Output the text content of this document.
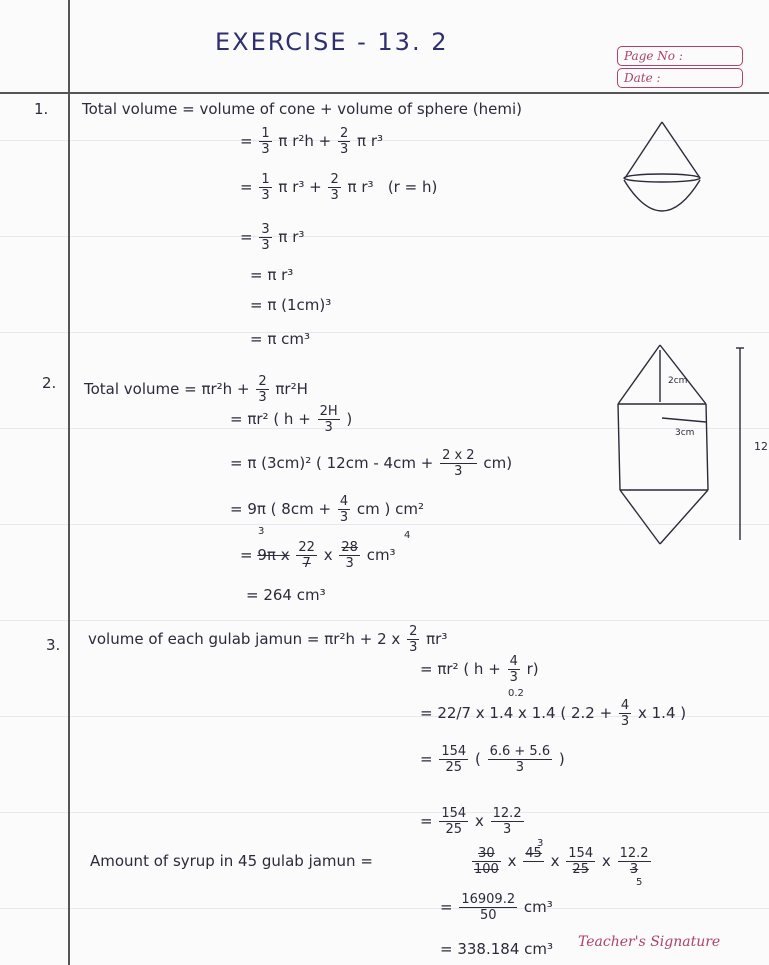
EXERCISE - 13. 2	Page No :
Date :
1. Total volume = volume of cone + volume of sphere (hemi)
= $\frac{1}{3}$ π $r^2h + \frac{2}{3}$ π r³
= $\frac{1}{3}$ π $r^3 + \frac{2}{3}$ π r³   (r = h)
= $\frac{3}{3}$ π r³
= π r³
= π (1cm)³
= π cm³
2. Total volume = $\pi r^2h + \frac{2}{3} \pi r^2H$
= πr² ( $h + \frac{2H}{3}$ )
= π (3cm)² ( $12cm - 4cm + \frac{2 x 2}{3} cm$)
= 9π ( $8cm + \frac{4}{3}$ cm ) cm²
3
= 9π x $\frac{22}{7}$ x $\frac{28}{3} cm^3$
4
= 264 cm³
2cm
3cm
12
3. volume of each gulab jamun = πr²h + 2 x $\frac{2}{3} \pi r^3$
= πr² ( $h + \frac{4}{3} r$)
0.2
= 22/7 x 1.4 x 1.4 ( $2.2 + \frac{4}{3}$ x 1.4 )
= $\frac{154}{25}$ ( $\frac{6.6 + 5.6}{3}$ )
= $\frac{154}{25}$ x $\frac{12.2}{3}$
Amount of syrup in 45 gulab jamun =	$\frac{30}{100}$ x 45
x $\frac{154}{25}$ x $\frac{12.2}{3}$
3
5
= $\frac{16909.2}{50} cm^3$
= 338.184 cm³ Teacher's Signature
